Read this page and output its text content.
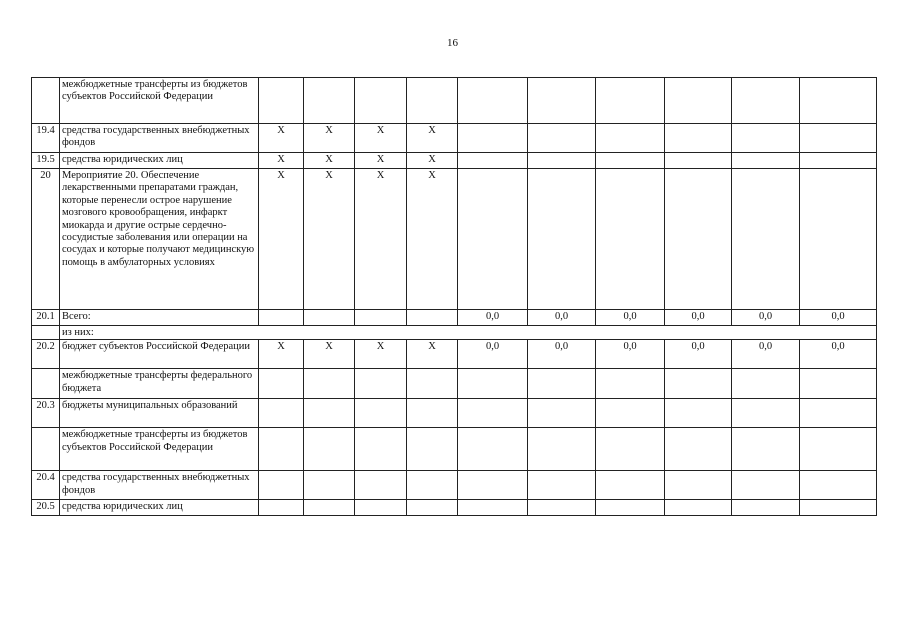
16
	межбюджетные трансферты из бюджетов субъектов Российской Федерации										
19.4	средства государственных внебюджетных фондов	X	X	X	X						
19.5	средства юридических лиц	X	X	X	X						
20	Мероприятие 20. Обеспечение лекарственными препаратами граждан, которые перенесли острое нарушение мозгового кровообращения, инфаркт миокарда и другие острые сердечно-сосудистые заболевания или операции на сосудах и которые получают медицинскую помощь в амбулаторных условиях	X	X	X	X						
20.1	Всего:					0,0	0,0	0,0	0,0	0,0	0,0
	из них:										
20.2	бюджет субъектов Российской Федерации	X	X	X	X	0,0	0,0	0,0	0,0	0,0	0,0
	межбюджетные трансферты федерального бюджета										
20.3	бюджеты муниципальных образований										
	межбюджетные трансферты из бюджетов субъектов Российской Федерации										
20.4	средства государственных внебюджетных фондов										
20.5	средства юридических лиц										
